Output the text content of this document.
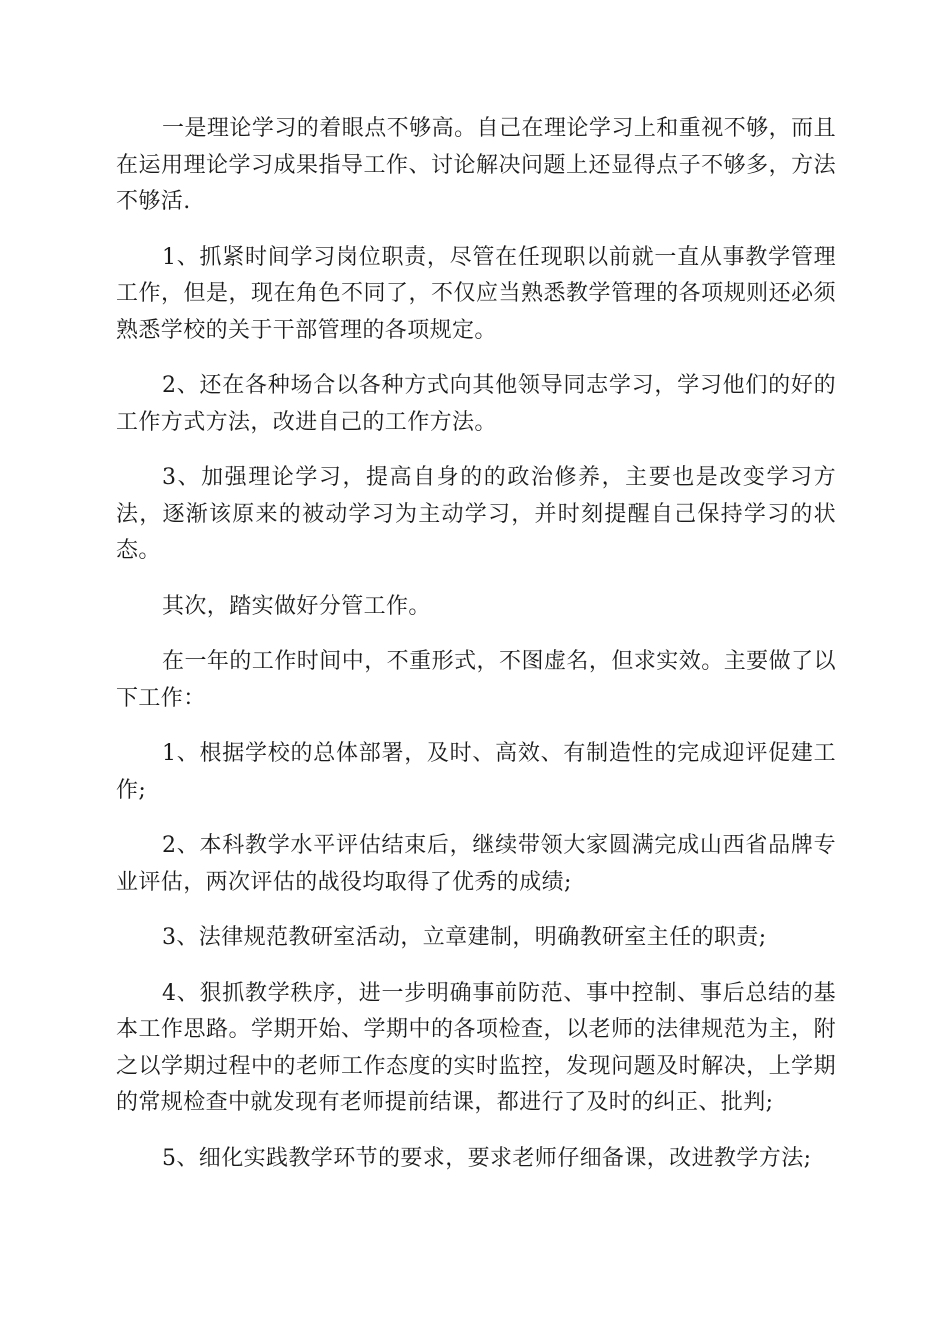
一是理论学习的着眼点不够高。自己在理论学习上和重视不够，而且在运用理论学习成果指导工作、讨论解决问题上还显得点子不够多，方法不够活.

1、抓紧时间学习岗位职责，尽管在任现职以前就一直从事教学管理工作，但是，现在角色不同了，不仅应当熟悉教学管理的各项规则还必须熟悉学校的关于干部管理的各项规定。

2、还在各种场合以各种方式向其他领导同志学习，学习他们的好的工作方式方法，改进自己的工作方法。

3、加强理论学习，提高自身的的政治修养，主要也是改变学习方法，逐渐该原来的被动学习为主动学习，并时刻提醒自己保持学习的状态。

其次，踏实做好分管工作。

在一年的工作时间中，不重形式，不图虚名，但求实效。主要做了以下工作：

1、根据学校的总体部署，及时、高效、有制造性的完成迎评促建工作;

2、本科教学水平评估结束后，继续带领大家圆满完成山西省品牌专业评估，两次评估的战役均取得了优秀的成绩;

3、法律规范教研室活动，立章建制，明确教研室主任的职责;

4、狠抓教学秩序，进一步明确事前防范、事中控制、事后总结的基本工作思路。学期开始、学期中的各项检查，以老师的法律规范为主，附之以学期过程中的老师工作态度的实时监控，发现问题及时解决，上学期的常规检查中就发现有老师提前结课，都进行了及时的纠正、批判;

5、细化实践教学环节的要求，要求老师仔细备课，改进教学方法;
